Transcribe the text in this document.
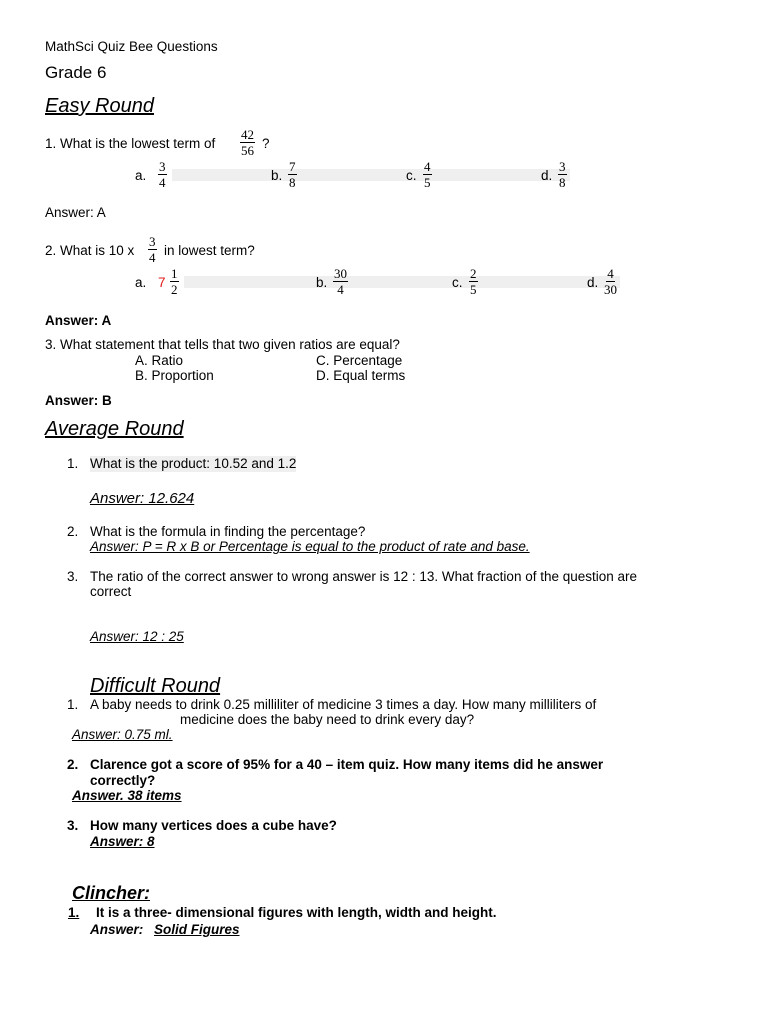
MathSci Quiz Bee Questions
Grade 6
Easy Round
1. What is the lowest term of $\frac{42}{56}$ ?
a. $\frac{3}{4}$	b. $\frac{7}{8}$	c. $\frac{4}{5}$	d. $\frac{3}{8}$
Answer: A
2. What is 10 x $\frac{3}{4}$ in lowest term?
a. $7 \frac{1}{2}$	b. $\frac{30}{4}$	c. $\frac{2}{5}$	d. $\frac{4}{30}$
Answer: A
3. What statement that tells that two given ratios are equal?
A. Ratio
B. Proportion
C. Percentage
D. Equal terms
Answer: B
Average Round
1. What is the product: 10.52 and 1.2
Answer: 12.624
2. What is the formula in finding the percentage?
Answer: P = R x B or Percentage is equal to the product of rate and base.
3. The ratio of the correct answer to wrong answer is 12 : 13. What fraction of the question are
correct
Answer: 12 : 25
Difficult Round
1. A baby needs to drink 0.25 milliliter of medicine 3 times a day. How many milliliters of
medicine does the baby need to drink every day?
Answer: 0.75 ml.
2. Clarence got a score of 95% for a 40 – item quiz. How many items did he answer
correctly?
Answer. 38 items
3. How many vertices does a cube have?
Answer: 8
Clincher:
1.	It is a three- dimensional figures with length, width and height.
Answer: Solid Figures
